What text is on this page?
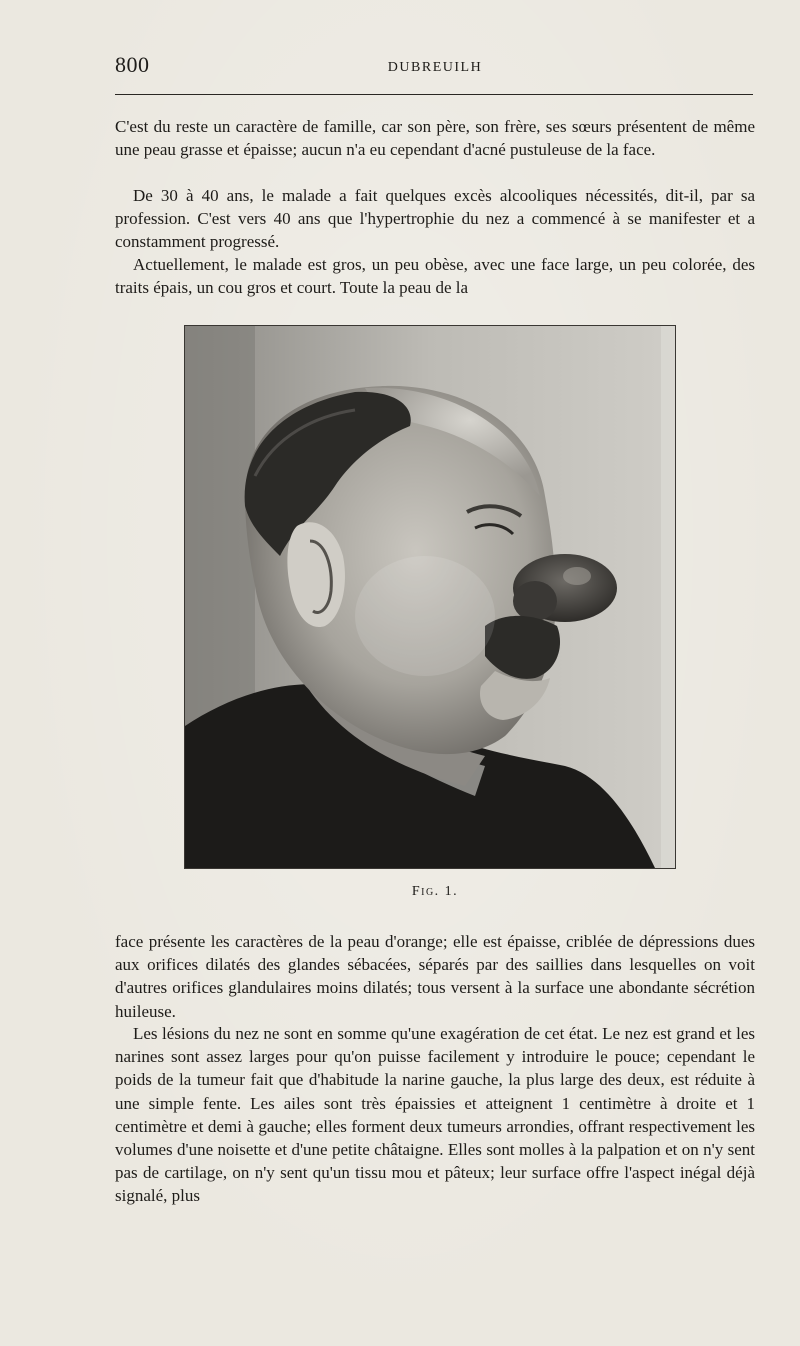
800	DUBREUILH

C'est du reste un caractère de famille, car son père, son frère, ses sœurs présentent de même une peau grasse et épaisse; aucun n'a eu cependant d'acné pustuleuse de la face.

De 30 à 40 ans, le malade a fait quelques excès alcooliques nécessités, dit-il, par sa profession. C'est vers 40 ans que l'hypertrophie du nez a commencé à se manifester et a constamment progressé.

Actuellement, le malade est gros, un peu obèse, avec une face large, un peu colorée, des traits épais, un cou gros et court. Toute la peau de la

Fig. 1.

face présente les caractères de la peau d'orange; elle est épaisse, criblée de dépressions dues aux orifices dilatés des glandes sébacées, séparés par des saillies dans lesquelles on voit d'autres orifices glandulaires moins dilatés; tous versent à la surface une abondante sécrétion huileuse.

Les lésions du nez ne sont en somme qu'une exagération de cet état. Le nez est grand et les narines sont assez larges pour qu'on puisse facilement y introduire le pouce; cependant le poids de la tumeur fait que d'habitude la narine gauche, la plus large des deux, est réduite à une simple fente. Les ailes sont très épaissies et atteignent 1 centimètre à droite et 1 centimètre et demi à gauche; elles forment deux tumeurs arrondies, offrant respectivement les volumes d'une noisette et d'une petite châtaigne. Elles sont molles à la palpation et on n'y sent pas de cartilage, on n'y sent qu'un tissu mou et pâteux; leur surface offre l'aspect inégal déjà signalé, plus
